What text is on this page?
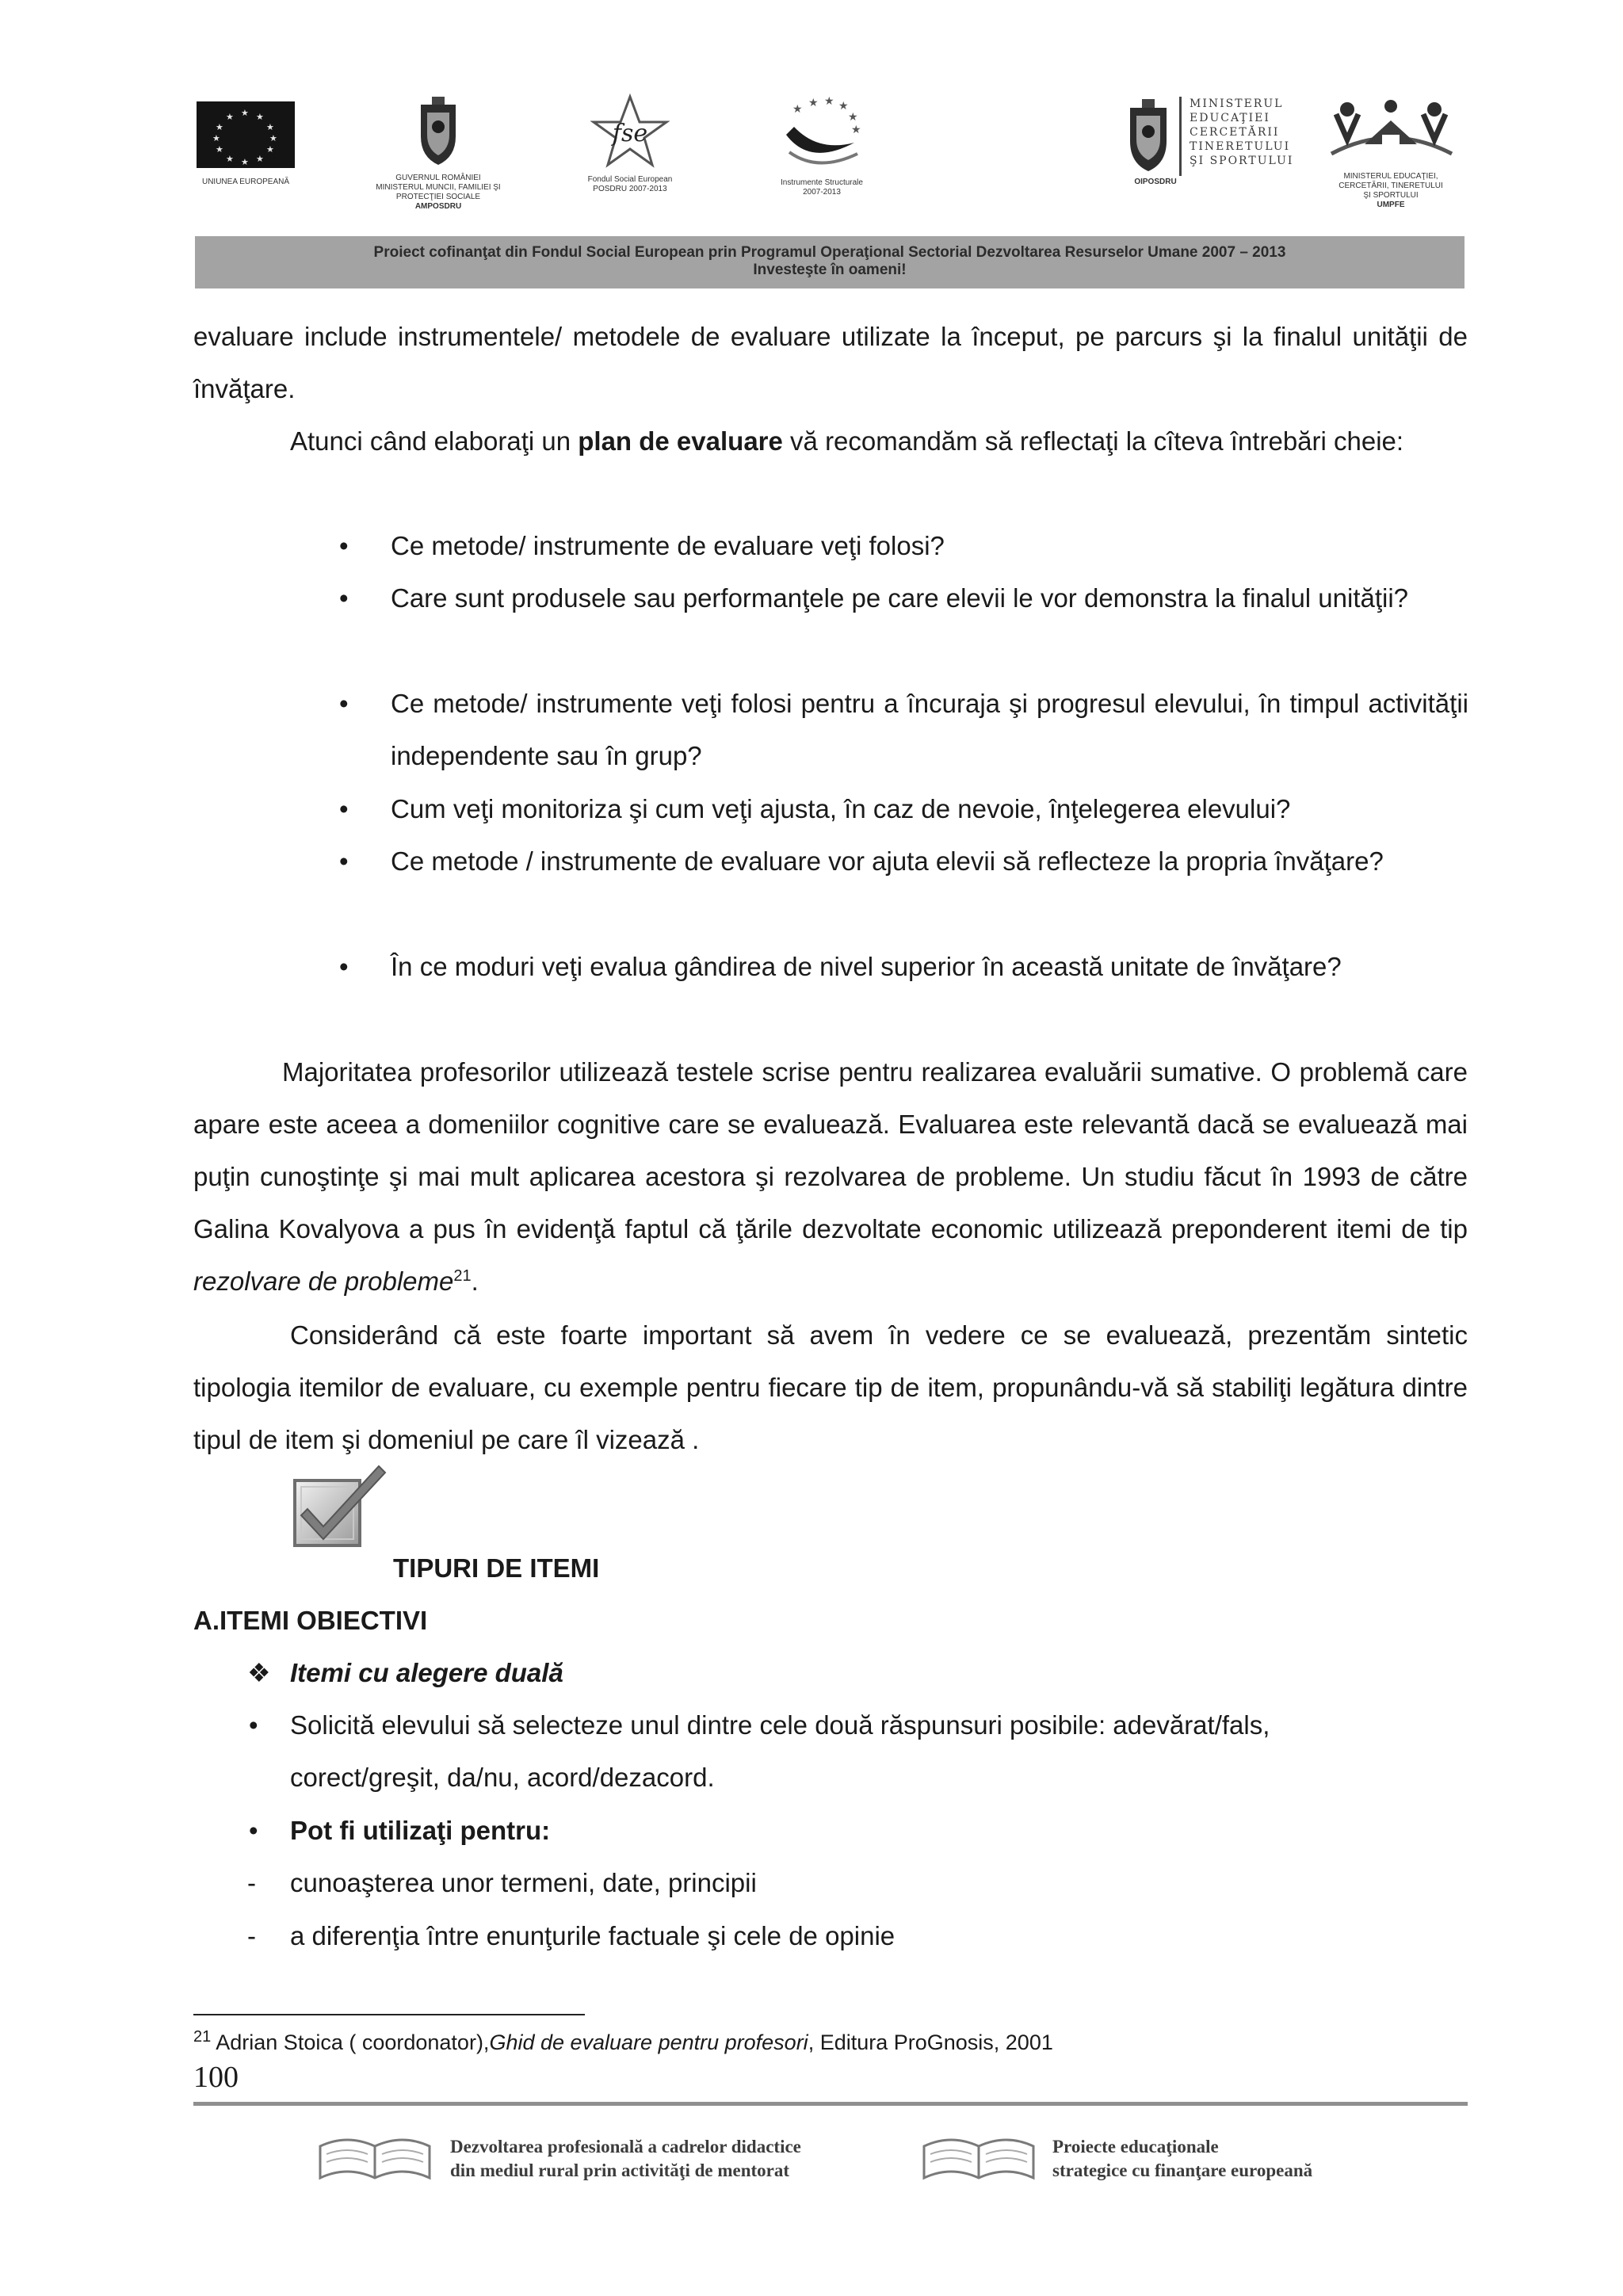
★ ★
★
★
★
★
★
★
★
★
★
★
UNIUNEA EUROPEANĂ	GUVERNUL ROMÂNIEI
MINISTERUL MUNCII, FAMILIEI ŞI
PROTECŢIEI SOCIALE
AMPOSDRU
fse
Fondul Social European
POSDRU 2007-2013
★ ★ ★ ★
★
★
Instrumente Structurale
2007-2013
MINISTERUL
EDUCAŢIEI
CERCETĂRII
TINERETULUI
ŞI SPORTULUI
OIPOSDRU
MINISTERUL EDUCAŢIEI,
CERCETĂRII, TINERETULUI
ŞI SPORTULUI
UMPFE
Proiect cofinanţat din Fondul Social European prin Programul Operaţional Sectorial Dezvoltarea Resurselor Umane 2007 – 2013
Investeşte în oameni!
evaluare include instrumentele/ metodele de evaluare utilizate la început, pe parcurs şi la finalul unităţii de învăţare.
Atunci când elaboraţi un plan de evaluare vă recomandăm să reflectaţi la cîteva întrebări cheie:
• Ce metode/ instrumente de evaluare veţi folosi?
• Care sunt produsele sau performanţele pe care elevii le vor demonstra la finalul unităţii?
• Ce metode/ instrumente veţi folosi pentru a încuraja şi progresul elevului, în timpul activităţii independente sau în grup?
• Cum veţi monitoriza şi cum veţi ajusta, în caz de nevoie, înţelegerea elevului?
• Ce metode / instrumente de evaluare vor ajuta elevii să reflecteze la propria învăţare?
• În ce moduri veţi evalua gândirea de nivel superior în această unitate de învăţare?
Majoritatea profesorilor utilizează testele scrise pentru realizarea evaluării sumative. O problemă care apare este aceea a domeniilor cognitive care se evaluează. Evaluarea este relevantă dacă se evaluează mai puţin cunoştinţe şi mai mult aplicarea acestora şi rezolvarea de probleme. Un studiu făcut în 1993 de către Galina Kovalyova a pus în evidenţă faptul că ţările dezvoltate economic utilizează preponderent itemi de tip rezolvare de probleme$^{21}$.
Considerând că este foarte important să avem în vedere ce se evaluează, prezentăm sintetic tipologia itemilor de evaluare, cu exemple pentru fiecare tip de item, propunându-vă să stabiliţi legătura dintre tipul de item şi domeniul pe care îl vizează .
TIPURI DE ITEMI
A.ITEMI OBIECTIVI
❖ Itemi cu alegere duală
• Solicită elevului să selecteze unul dintre cele două răspunsuri posibile: adevărat/fals, corect/greşit, da/nu, acord/dezacord.
• Pot fi utilizaţi pentru:
- cunoaşterea unor termeni, date, principii
- a diferenţia între enunţurile factuale şi cele de opinie
$^{21}$ Adrian Stoica ( coordonator),Ghid de evaluare pentru profesori, Editura ProGnosis, 2001
100
Dezvoltarea profesională a cadrelor didactice
din mediul rural prin activităţi de mentorat
Proiecte educaţionale
strategice cu finanţare europeană
